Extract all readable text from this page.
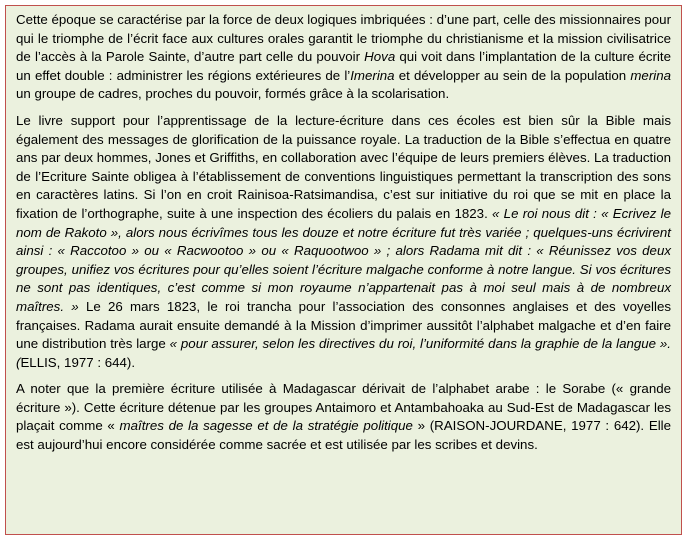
Cette époque se caractérise par la force de deux logiques imbriquées : d’une part, celle des missionnaires pour qui le triomphe de l’écrit face aux cultures orales garantit le triomphe du christianisme et la mission civilisatrice de l’accès à la Parole Sainte, d’autre part celle du pouvoir Hova qui voit dans l’implantation de la culture écrite un effet double : administrer les régions extérieures de l’Imerina et développer au sein de la population merina un groupe de cadres, proches du pouvoir, formés grâce à la scolarisation.

Le livre support pour l’apprentissage de la lecture-écriture dans ces écoles est bien sûr la Bible mais également des messages de glorification de la puissance royale. La traduction de la Bible s’effectua en quatre ans par deux hommes, Jones et Griffiths, en collaboration avec l’équipe de leurs premiers élèves. La traduction de l’Ecriture Sainte obligea à l’établissement de conventions linguistiques permettant la transcription des sons en caractères latins. Si l’on en croit Rainisoa-Ratsimandisa, c’est sur initiative du roi que se mit en place la fixation de l’orthographe, suite à une inspection des écoliers du palais en 1823. « Le roi nous dit : « Ecrivez le nom de Rakoto », alors nous écrivîmes tous les douze et notre écriture fut très variée ; quelques-uns écrivirent ainsi : « Raccotoo » ou « Racwootoo » ou « Raquootwoo » ; alors Radama mit dit : « Réunissez vos deux groupes, unifiez vos écritures pour qu’elles soient l’écriture malgache conforme à notre langue. Si vos écritures ne sont pas identiques, c’est comme si mon royaume n’appartenait pas à moi seul mais à de nombreux maîtres. » Le 26 mars 1823, le roi trancha pour l’association des consonnes anglaises et des voyelles françaises. Radama aurait ensuite demandé à la Mission d’imprimer aussitôt l’alphabet malgache et d’en faire une distribution très large « pour assurer, selon les directives du roi, l’uniformité dans la graphie de la langue ». (ELLIS, 1977 : 644).

A noter que la première écriture utilisée à Madagascar dérivait de l’alphabet arabe : le Sorabe (« grande écriture »). Cette écriture détenue par les groupes Antaimoro et Antambahoaka au Sud-Est de Madagascar les plaçait comme « maîtres de la sagesse et de la stratégie politique » (RAISON-JOURDANE, 1977 : 642). Elle est aujourd’hui encore considérée comme sacrée et est utilisée par les scribes et devins.
